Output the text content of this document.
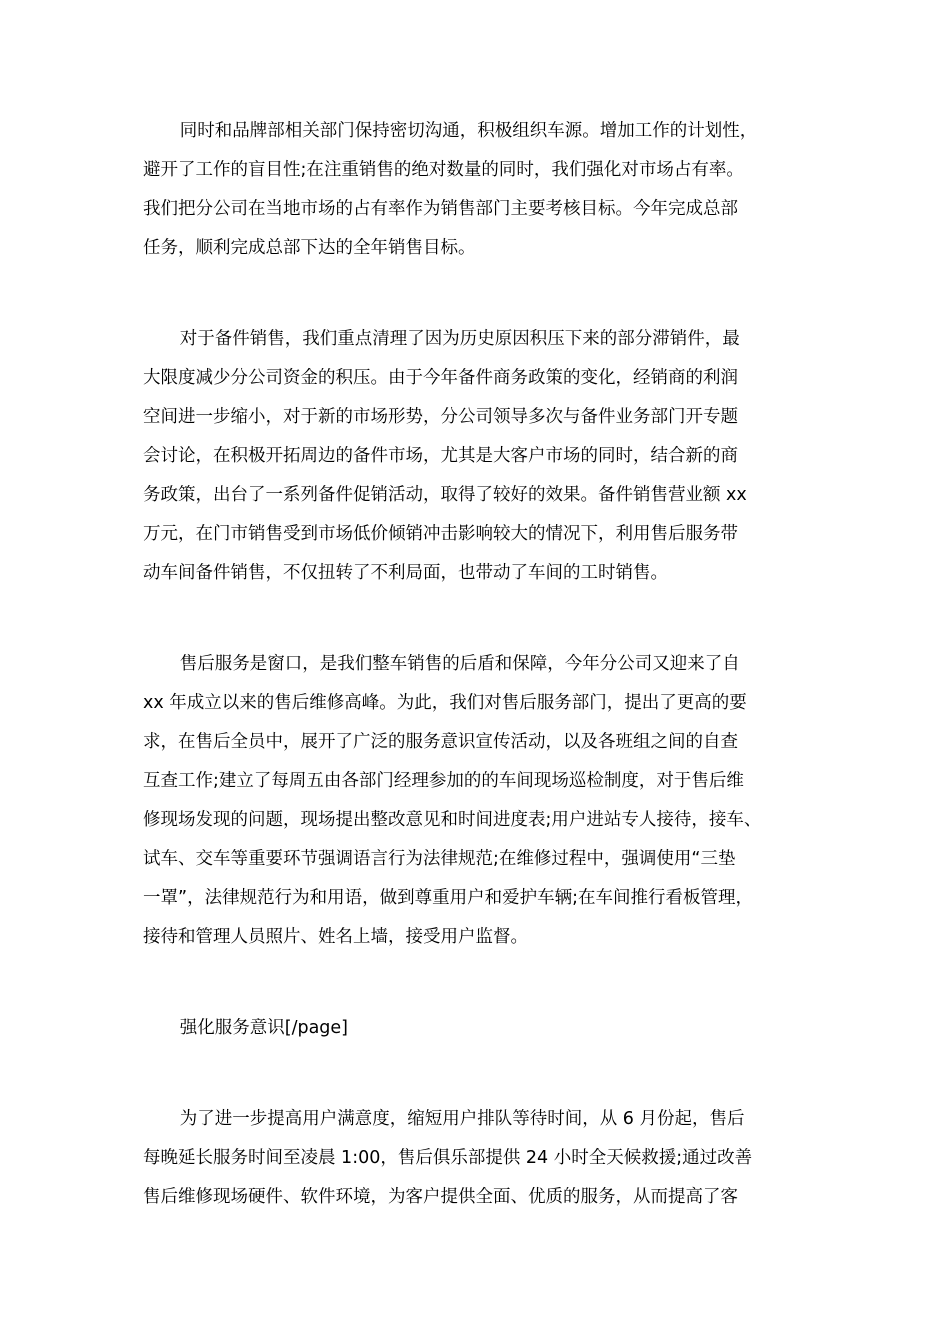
同时和品牌部相关部门保持密切沟通，积极组织车源。增加工作的计划性，
避开了工作的盲目性;在注重销售的绝对数量的同时，我们强化对市场占有率。
我们把分公司在当地市场的占有率作为销售部门主要考核目标。今年完成总部
任务，顺利完成总部下达的全年销售目标。
对于备件销售，我们重点清理了因为历史原因积压下来的部分滞销件，最
大限度减少分公司资金的积压。由于今年备件商务政策的变化，经销商的利润
空间进一步缩小，对于新的市场形势，分公司领导多次与备件业务部门开专题
会讨论，在积极开拓周边的备件市场，尤其是大客户市场的同时，结合新的商
务政策，出台了一系列备件促销活动，取得了较好的效果。备件销售营业额 xx
万元，在门市销售受到市场低价倾销冲击影响较大的情况下，利用售后服务带
动车间备件销售，不仅扭转了不利局面，也带动了车间的工时销售。
售后服务是窗口，是我们整车销售的后盾和保障，今年分公司又迎来了自
xx 年成立以来的售后维修高峰。为此，我们对售后服务部门，提出了更高的要
求，在售后全员中，展开了广泛的服务意识宣传活动，以及各班组之间的自查
互查工作;建立了每周五由各部门经理参加的的车间现场巡检制度，对于售后维
修现场发现的问题，现场提出整改意见和时间进度表;用户进站专人接待，接车、
试车、交车等重要环节强调语言行为法律规范;在维修过程中，强调使用“三垫
一罩”，法律规范行为和用语，做到尊重用户和爱护车辆;在车间推行看板管理，
接待和管理人员照片、姓名上墙，接受用户监督。
强化服务意识[/page]
为了进一步提高用户满意度，缩短用户排队等待时间，从 6 月份起，售后
每晚延长服务时间至凌晨 1:00，售后俱乐部提供 24 小时全天候救援;通过改善
售后维修现场硬件、软件环境，为客户提供全面、优质的服务，从而提高了客
